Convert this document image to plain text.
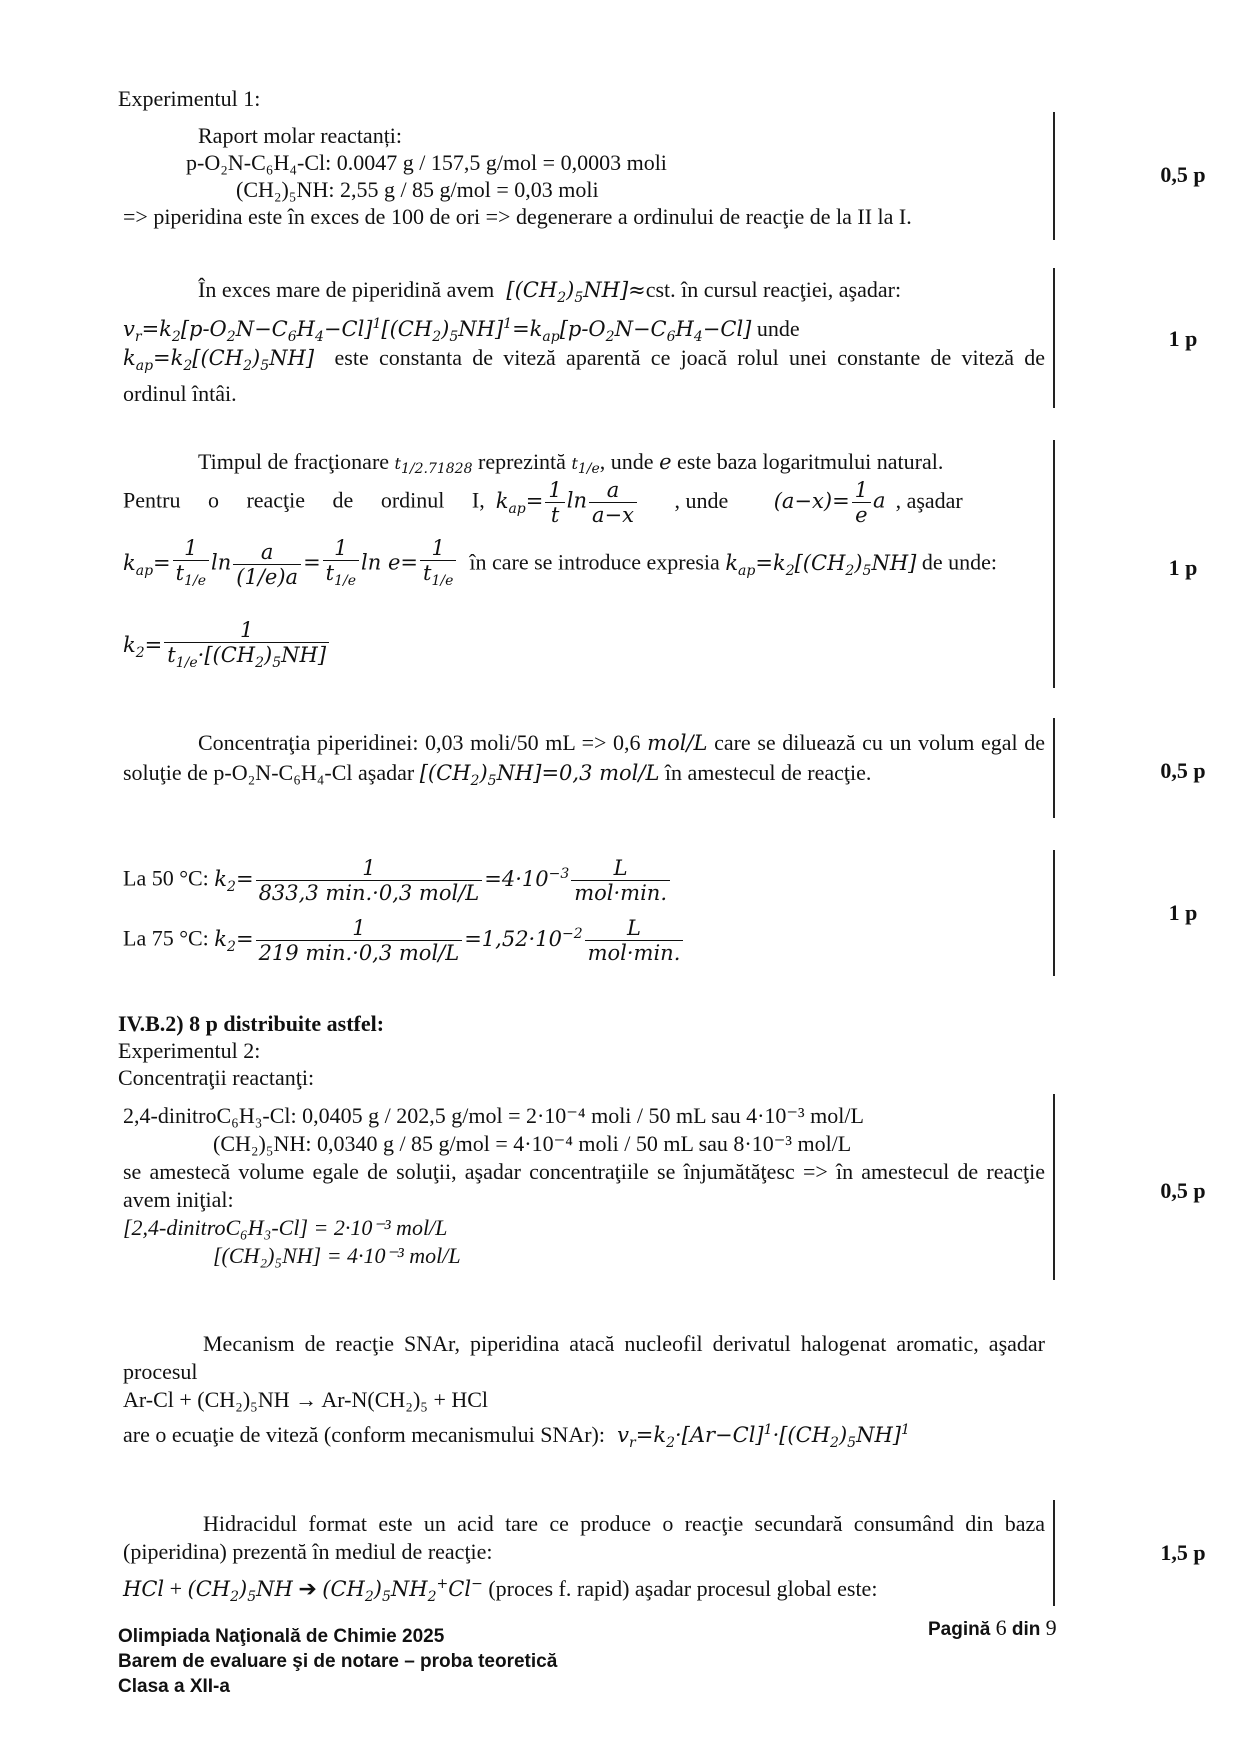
Experimentul 1:
Raport molar reactanți:
p-O₂N-C₆H₄-Cl: 0.0047 g / 157,5 g/mol = 0,0003 moli
(CH₂)₅NH: 2,55 g / 85 g/mol = 0,03 moli
=> piperidina este în exces de 100 de ori => degenerare a ordinului de reacţie de la II la I.
0,5 p
În exces mare de piperidină avem  $[(CH_2)_5NH]\approx cst$. în cursul reacţiei, aşadar:
$v_r=k_2[p-O_2N-C_6H_4-Cl]^1[(CH_2)_5NH]^1=k_{ap}[p-O_2N-C_6H_4-Cl]$ unde
$k_{ap}=k_2[(CH_2)_5NH]$ este constanta de viteză aparentă ce joacă rolul unei constante de viteză de ordinul întâi.
1 p
Timpul de fracţionare $t_{1/2.71828}$ reprezintă $t_{1/e}$, unde e este baza logaritmului natural.
Pentru o reacţie de ordinul I, $k_{ap}= \frac{1}{t}$ $\ln \frac{a}{a-x}$ , unde $(a-x)= \frac{1}{e}$ a , aşadar
$k_{ap}= \frac{1}{t_{1/e}}$ $\ln \frac{a}{(1/e)a} = \frac{1}{t_{1/e}}$ $\ln e= \frac{1}{t_{1/e}}$ în care se introduce expresia $k_{ap}=k_2[(CH_2)_5NH]$ de unde:
$k_2= \frac{1}{t_{1/e}\cdot[(CH_2)_5NH]}$
1 p
Concentraţia piperidinei: 0,03 moli/50 mL => 0,6 mol/L care se diluează cu un volum egal de soluţie de p-O₂N-C₆H₄-Cl aşadar $[(CH_2)_5NH]=0,3$ mol/L în amestecul de reacţie.	0,5 p
La 50 °C: $k_2=$	1
833,3 min.·0,3 mol/L
$=4\cdot 10^{-3}$	L
mol·min.
La 75 °C: $k_2=$	1
219 min.·0,3 mol/L
$=1,52\cdot 10^{-2}$	L
mol·min.
1 p
IV.B.2) 8 p distribuite astfel:
Experimentul 2:
Concentraţii reactanţi:
2,4-dinitroC₆H₃-Cl: 0,0405 g / 202,5 g/mol = 2·10⁻⁴ moli / 50 mL sau 4·10⁻³ mol/L
(CH₂)₅NH: 0,0340 g / 85 g/mol = 4·10⁻⁴ moli / 50 mL sau 8·10⁻³ mol/L
se amestecă volume egale de soluţii, aşadar concentraţiile se înjumătăţesc => în amestecul de reacţie avem iniţial:
[2,4-dinitroC₆H₃-Cl] = 2·10⁻³ mol/L
[(CH₂)₅NH] = 4·10⁻³ mol/L
0,5 p
Mecanism de reacţie SNAr, piperidina atacă nucleofil derivatul halogenat aromatic, aşadar procesul
Ar-Cl + (CH₂)₅NH → Ar-N(CH₂)₅ + HCl
are o ecuaţie de viteză (conform mecanismului SNAr):  $v_r=k_2\cdot[Ar-Cl]^1\cdot[(CH_2)_5NH]^1$
Hidracidul format este un acid tare ce produce o reacţie secundară consumând din baza (piperidina) prezentă în mediul de reacţie:
HCl + $(CH_2)_5NH$ ➔ $(CH_2)_5NH_2^+Cl^-$ (proces f. rapid) aşadar procesul global este:
1,5 p
Olimpiada Naţională de Chimie 2025
Barem de evaluare şi de notare – proba teoretică
Clasa a XII-a
Pagină 6 din 9
